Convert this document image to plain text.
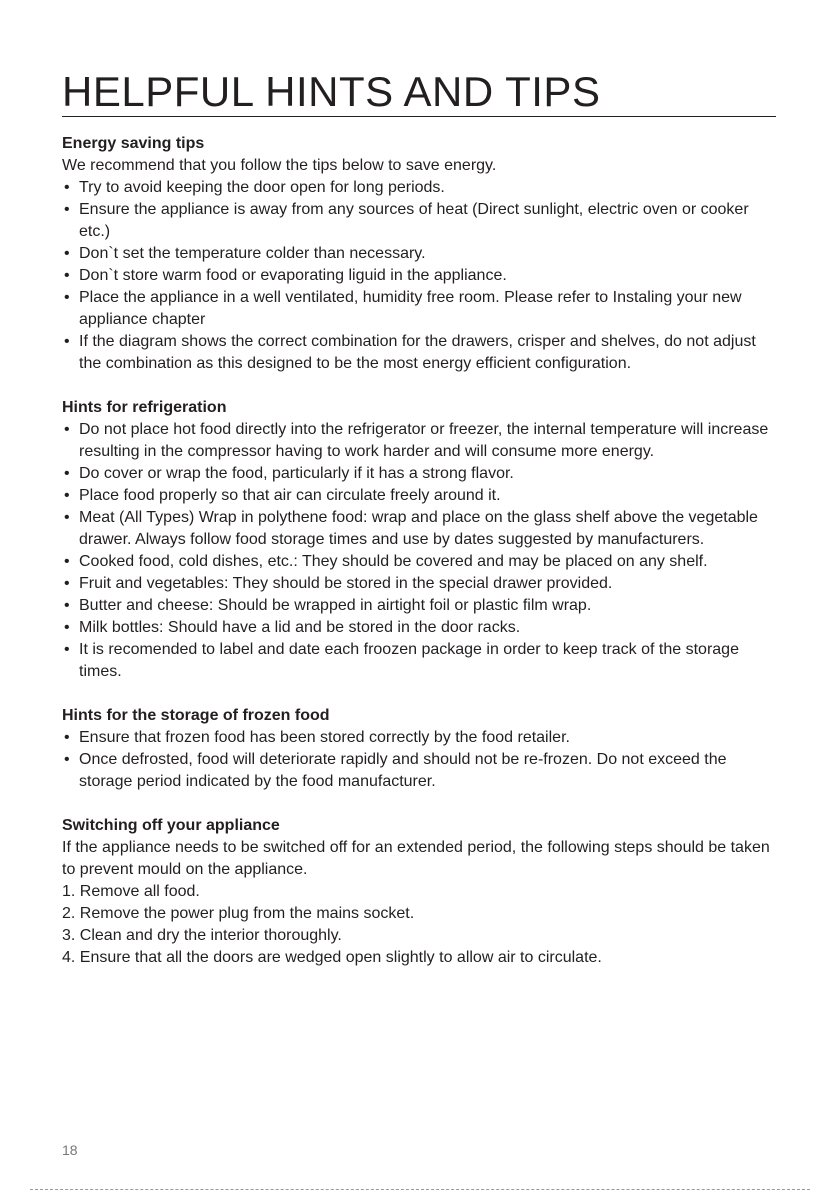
HELPFUL HINTS AND TIPS

Energy saving tips

We recommend that you follow the tips below to save energy.

• Try to avoid keeping the door open for long periods.
• Ensure the appliance is away from any sources of heat (Direct sunlight, electric oven or cooker etc.)
• Don`t set the temperature colder than necessary.
• Don`t store warm food or evaporating liguid in the appliance.
• Place the appliance in a well ventilated, humidity free room. Please refer to Instaling your new appliance chapter
• If the diagram shows the correct combination for the drawers, crisper and shelves, do not adjust the combination as this designed to be the most energy efficient configuration.

Hints for refrigeration

• Do not place hot food directly into the refrigerator or freezer, the internal temperature will increase resulting in the compressor having to work harder and will consume more energy.
• Do cover or wrap the food, particularly if it has a strong flavor.
• Place food properly so that air can circulate freely around it.
• Meat (All Types) Wrap in polythene food: wrap and place on the glass shelf above the vegetable drawer. Always follow food storage times and use by dates suggested by manufacturers.
• Cooked food, cold dishes, etc.: They should be covered and may be placed on any shelf.
• Fruit and vegetables: They should be stored in the special drawer provided.
• Butter and cheese: Should be wrapped in airtight foil or plastic film wrap.
• Milk bottles: Should have a lid and be stored in the door racks.
• It is recomended to label and date each froozen package in order to keep track of the storage times.

Hints for the storage of frozen food

• Ensure that frozen food has been stored correctly by the food retailer.
• Once defrosted, food will deteriorate rapidly and should not be re-frozen. Do not exceed the storage period indicated by the food manufacturer.

Switching off your appliance

If the appliance needs to be switched off for an extended period, the following steps should be taken to prevent mould on the appliance.

1. Remove all food.
2. Remove the power plug from the mains socket.
3. Clean and dry the interior thoroughly.
4. Ensure that all the doors are wedged open slightly to allow air to circulate.
18
